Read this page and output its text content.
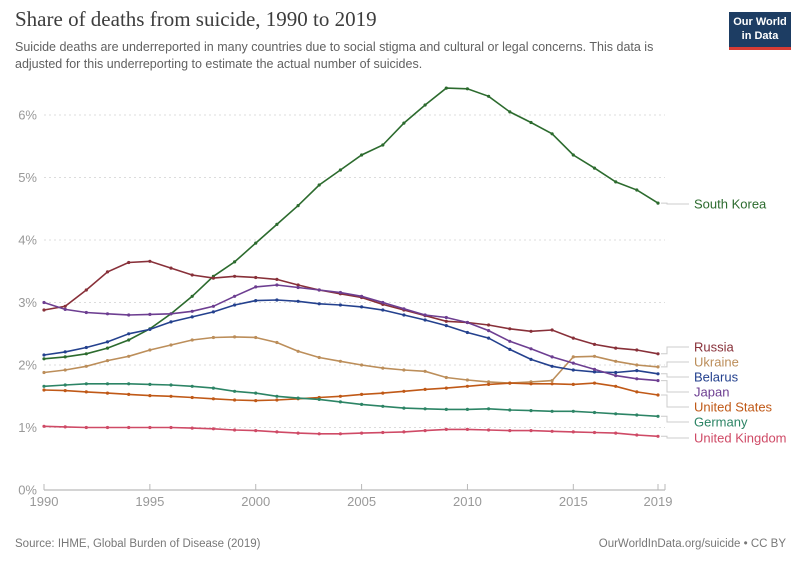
0%
1%
2%
3%
4%
5%
6%
1990	1995	2000	2005	2010	2015	2019
South Korea
Russia
Ukraine
Belarus
Japan
United States
Germany
United Kingdom
Share of deaths from suicide, 1990 to 2019
Suicide deaths are underreported in many countries due to social stigma and cultural or legal concerns. This data is adjusted for this underreporting to estimate the actual number of suicides.
Our World
in Data
Source: IHME, Global Burden of Disease (2019)	OurWorldInData.org/suicide • CC BY
